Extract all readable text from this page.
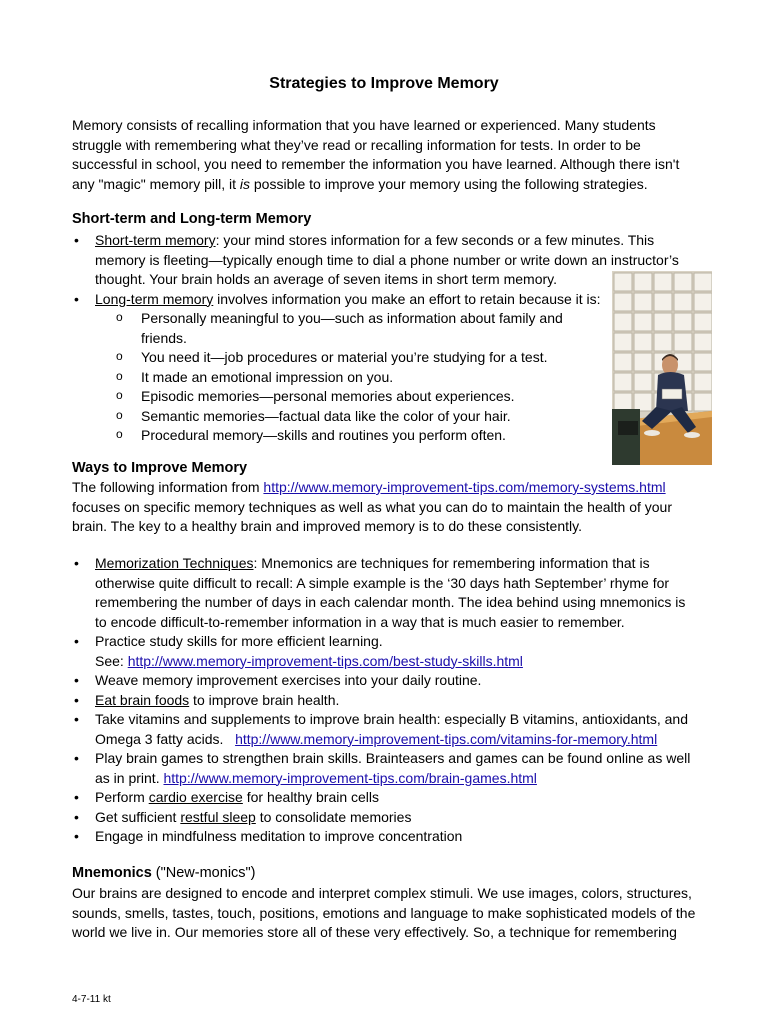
Strategies to Improve Memory
Memory consists of recalling information that you have learned or experienced. Many students
struggle with remembering what they’ve read or recalling information for tests. In order to be
successful in school, you need to remember the information you have learned. Although there isn't
any "magic" memory pill, it is possible to improve your memory using the following strategies.
Short-term and Long-term Memory
• Short-term memory: your mind stores information for a few seconds or a few minutes. This
memory is fleeting—typically enough time to dial a phone number or write down an instructor’s
thought. Your brain holds an average of seven items in short term memory.
• Long-term memory involves information you make an effort to retain because it is:
o Personally meaningful to you—such as information about family and
friends.
o You need it—job procedures or material you’re studying for a test.
o It made an emotional impression on you.
o Episodic memories—personal memories about experiences.
o Semantic memories—factual data like the color of your hair.
o Procedural memory—skills and routines you perform often.
Ways to Improve Memory
The following information from http://www.memory-improvement-tips.com/memory-systems.html
focuses on specific memory techniques as well as what you can do to maintain the health of your
brain. The key to a healthy brain and improved memory is to do these consistently.
• Memorization Techniques: Mnemonics are techniques for remembering information that is
otherwise quite difficult to recall: A simple example is the ‘30 days hath September’ rhyme for
remembering the number of days in each calendar month. The idea behind using mnemonics is
to encode difficult-to-remember information in a way that is much easier to remember.
• Practice study skills for more efficient learning.
See: http://www.memory-improvement-tips.com/best-study-skills.html
• Weave memory improvement exercises into your daily routine.
• Eat brain foods to improve brain health.
• Take vitamins and supplements to improve brain health: especially B vitamins, antioxidants, and
Omega 3 fatty acids.   http://www.memory-improvement-tips.com/vitamins-for-memory.html
• Play brain games to strengthen brain skills. Brainteasers and games can be found online as well
as in print. http://www.memory-improvement-tips.com/brain-games.html
• Perform cardio exercise for healthy brain cells
• Get sufficient restful sleep to consolidate memories
• Engage in mindfulness meditation to improve concentration
Mnemonics ("New-monics")
Our brains are designed to encode and interpret complex stimuli. We use images, colors, structures,
sounds, smells, tastes, touch, positions, emotions and language to make sophisticated models of the
world we live in. Our memories store all of these very effectively. So, a technique for remembering
4-7-11 kt
